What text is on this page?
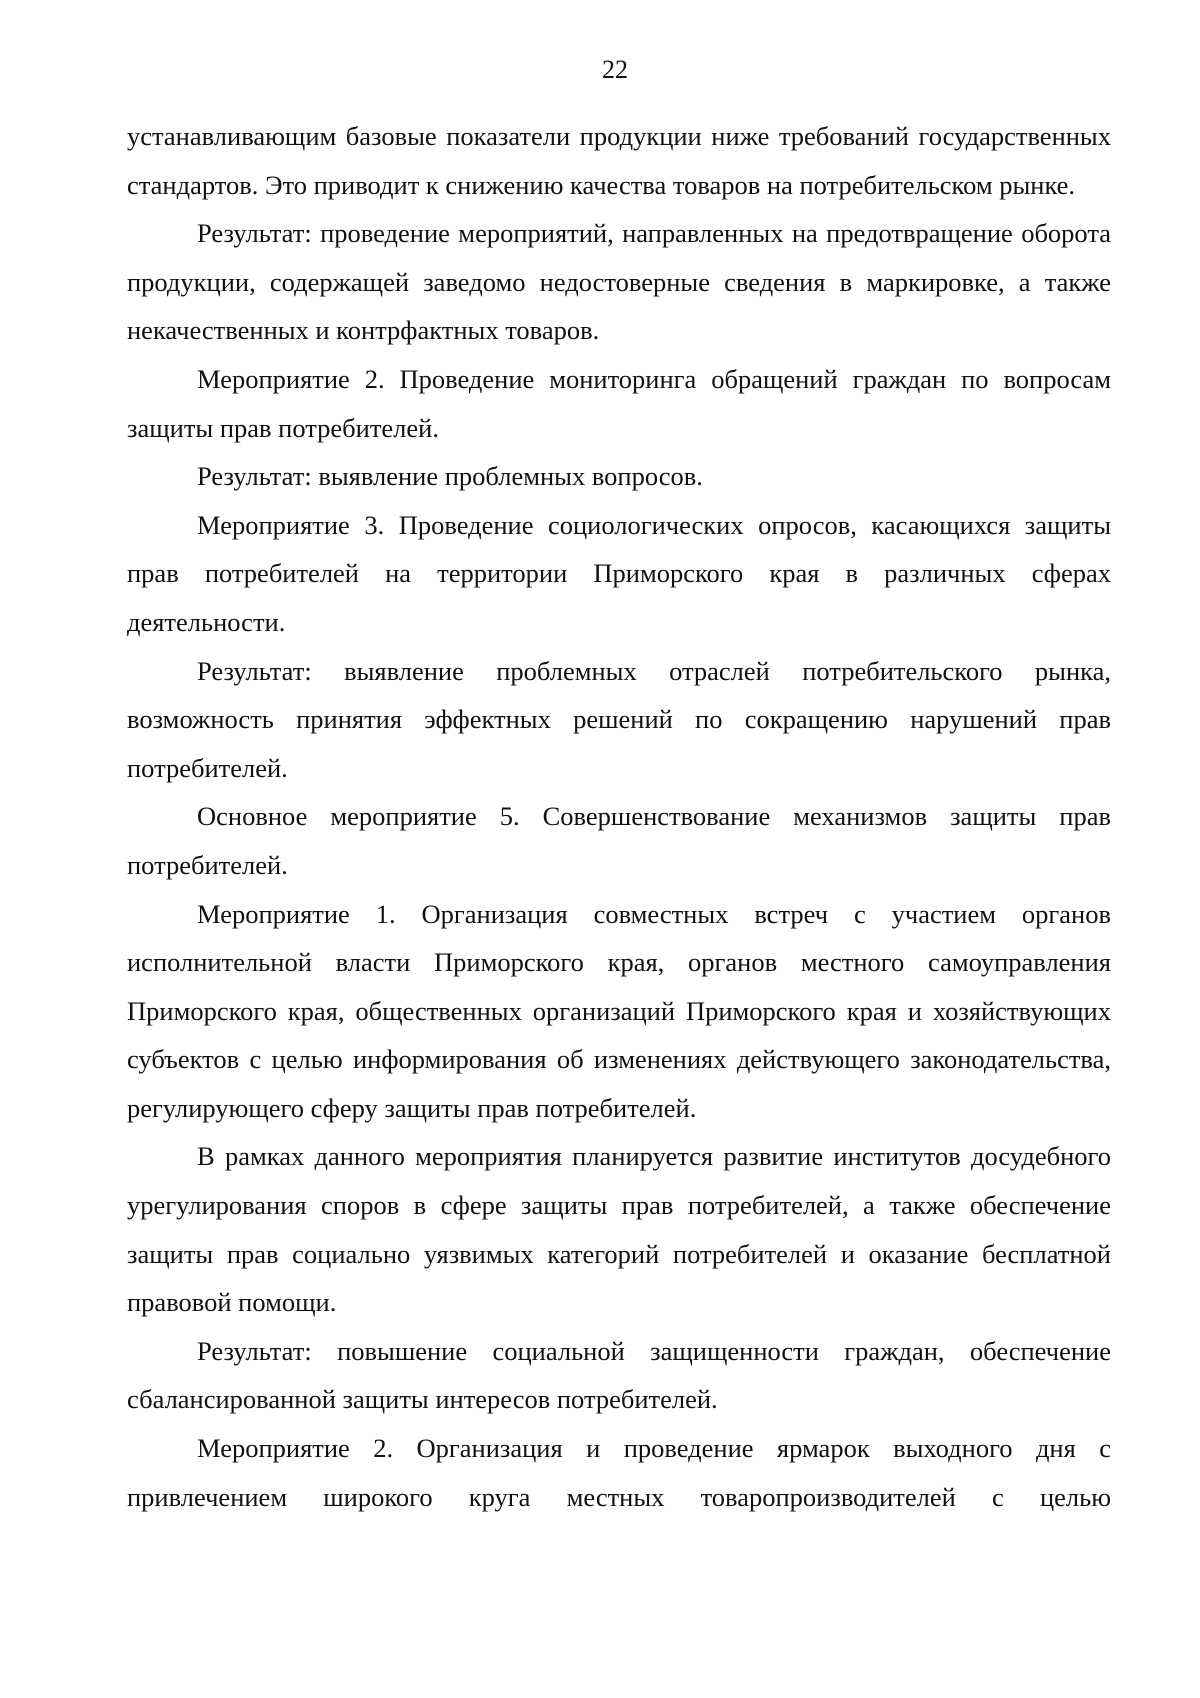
22

устанавливающим базовые показатели продукции ниже требований государственных стандартов. Это приводит к снижению качества товаров на потребительском рынке.

Результат: проведение мероприятий, направленных на предотвращение оборота продукции, содержащей заведомо недостоверные сведения в маркировке, а также некачественных и контрфактных товаров.

Мероприятие 2. Проведение мониторинга обращений граждан по вопросам защиты прав потребителей.

Результат: выявление проблемных вопросов.

Мероприятие 3. Проведение социологических опросов, касающихся защиты прав потребителей на территории Приморского края в различных сферах деятельности.

Результат: выявление проблемных отраслей потребительского рынка, возможность принятия эффектных решений по сокращению нарушений прав потребителей.

Основное мероприятие 5. Совершенствование механизмов защиты прав потребителей.

Мероприятие 1. Организация совместных встреч с участием органов исполнительной власти Приморского края, органов местного самоуправления Приморского края, общественных организаций Приморского края и хозяйствующих субъектов с целью информирования об изменениях действующего законодательства, регулирующего сферу защиты прав потребителей.

В рамках данного мероприятия планируется развитие институтов досудебного урегулирования споров в сфере защиты прав потребителей, а также обеспечение защиты прав социально уязвимых категорий потребителей и оказание бесплатной правовой помощи.

Результат: повышение социальной защищенности граждан, обеспечение сбалансированной защиты интересов потребителей.

Мероприятие 2. Организация и проведение ярмарок выходного дня с привлечением широкого круга местных товаропроизводителей с целью
